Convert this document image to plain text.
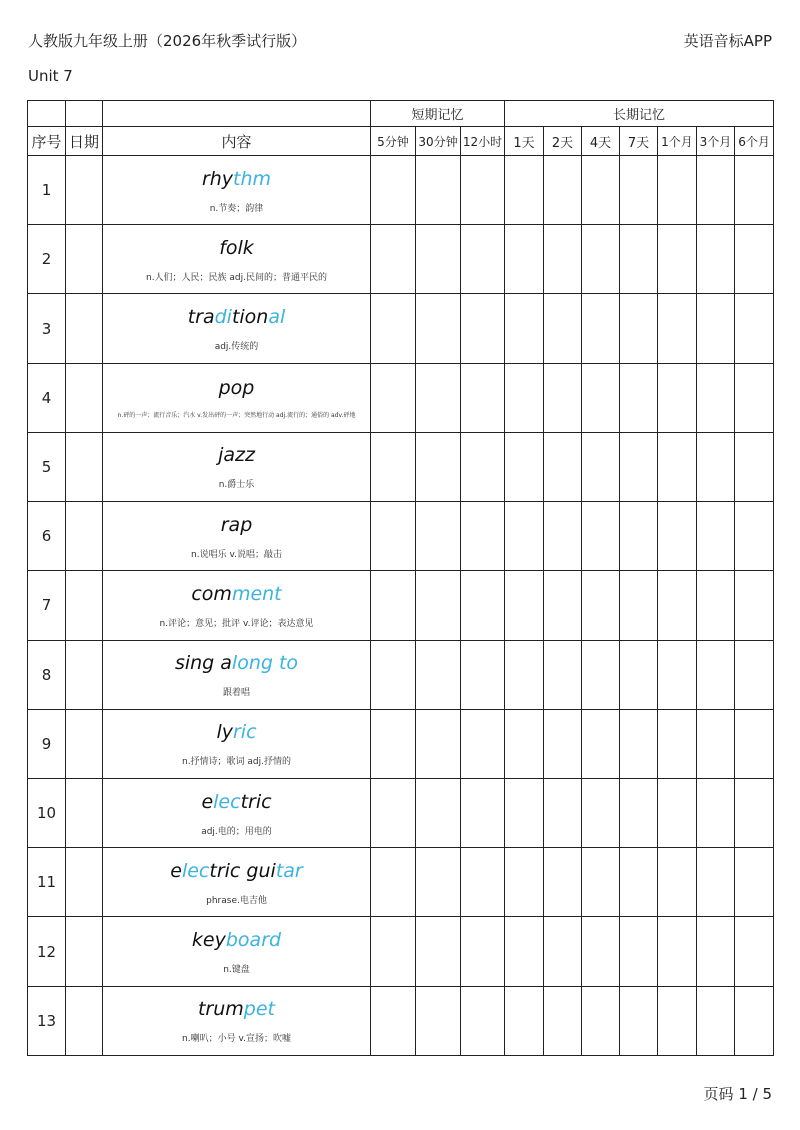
人教版九年级上册（2026年秋季试行版）	英语音标APP
Unit 7
			短期记忆			长期记忆						
序号	日期	内容	5分钟	30分钟	12小时	1天	2天	4天	7天	1个月	3个月	6个月
1		rhythm
n.节奏；韵律										

2		folk
n.人们；人民；民族 adj.民间的；普通平民的										

3		traditional
adj.传统的										

4		pop
n.砰的一声；流行音乐；汽水 v.发出砰的一声；突然地行动 adj.流行的；通俗的 adv.砰地										

5		jazz
n.爵士乐										

6		rap
n.说唱乐 v.说唱；敲击										

7		comment
n.评论；意见；批评 v.评论；表达意见										

8		sing along to
跟着唱										

9		lyric
n.抒情诗；歌词 adj.抒情的										

10		electric
adj.电的；用电的										

11		electric guitar
phrase.电吉他										

12		keyboard
n.键盘										

13		trumpet
n.喇叭；小号 v.宣扬；吹嘘										

页码 1 / 5
